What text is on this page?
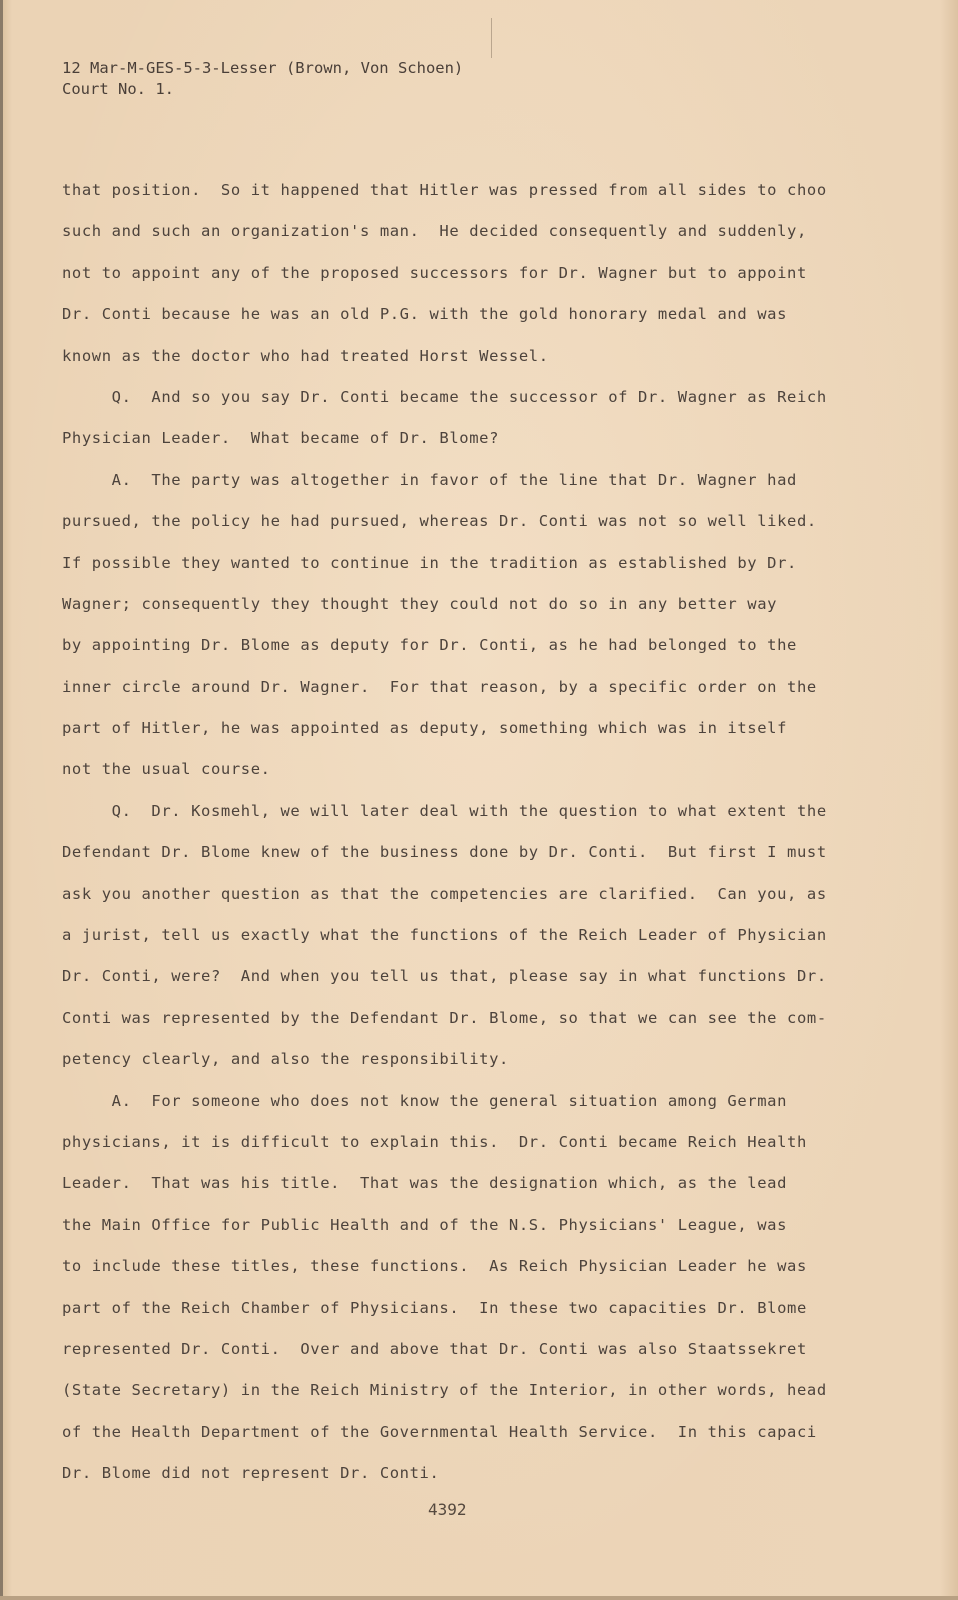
12 Mar-M-GES-5-3-Lesser (Brown, Von Schoen)
Court No. 1.
that position.  So it happened that Hitler was pressed from all sides to choo
such and such an organization's man.  He decided consequently and suddenly,
not to appoint any of the proposed successors for Dr. Wagner but to appoint
Dr. Conti because he was an old P.G. with the gold honorary medal and was
known as the doctor who had treated Horst Wessel.
Q.  And so you say Dr. Conti became the successor of Dr. Wagner as Reich
Physician Leader.  What became of Dr. Blome?
A.  The party was altogether in favor of the line that Dr. Wagner had
pursued, the policy he had pursued, whereas Dr. Conti was not so well liked.
If possible they wanted to continue in the tradition as established by Dr.
Wagner; consequently they thought they could not do so in any better way
by appointing Dr. Blome as deputy for Dr. Conti, as he had belonged to the
inner circle around Dr. Wagner.  For that reason, by a specific order on the
part of Hitler, he was appointed as deputy, something which was in itself
not the usual course.
Q.  Dr. Kosmehl, we will later deal with the question to what extent the
Defendant Dr. Blome knew of the business done by Dr. Conti.  But first I must
ask you another question as that the competencies are clarified.  Can you, as
a jurist, tell us exactly what the functions of the Reich Leader of Physician
Dr. Conti, were?  And when you tell us that, please say in what functions Dr.
Conti was represented by the Defendant Dr. Blome, so that we can see the com-
petency clearly, and also the responsibility.
A.  For someone who does not know the general situation among German
physicians, it is difficult to explain this.  Dr. Conti became Reich Health
Leader.  That was his title.  That was the designation which, as the lead
the Main Office for Public Health and of the N.S. Physicians' League, was
to include these titles, these functions.  As Reich Physician Leader he was
part of the Reich Chamber of Physicians.  In these two capacities Dr. Blome
represented Dr. Conti.  Over and above that Dr. Conti was also Staatssekret
(State Secretary) in the Reich Ministry of the Interior, in other words, head
of the Health Department of the Governmental Health Service.  In this capaci
Dr. Blome did not represent Dr. Conti.
4392
